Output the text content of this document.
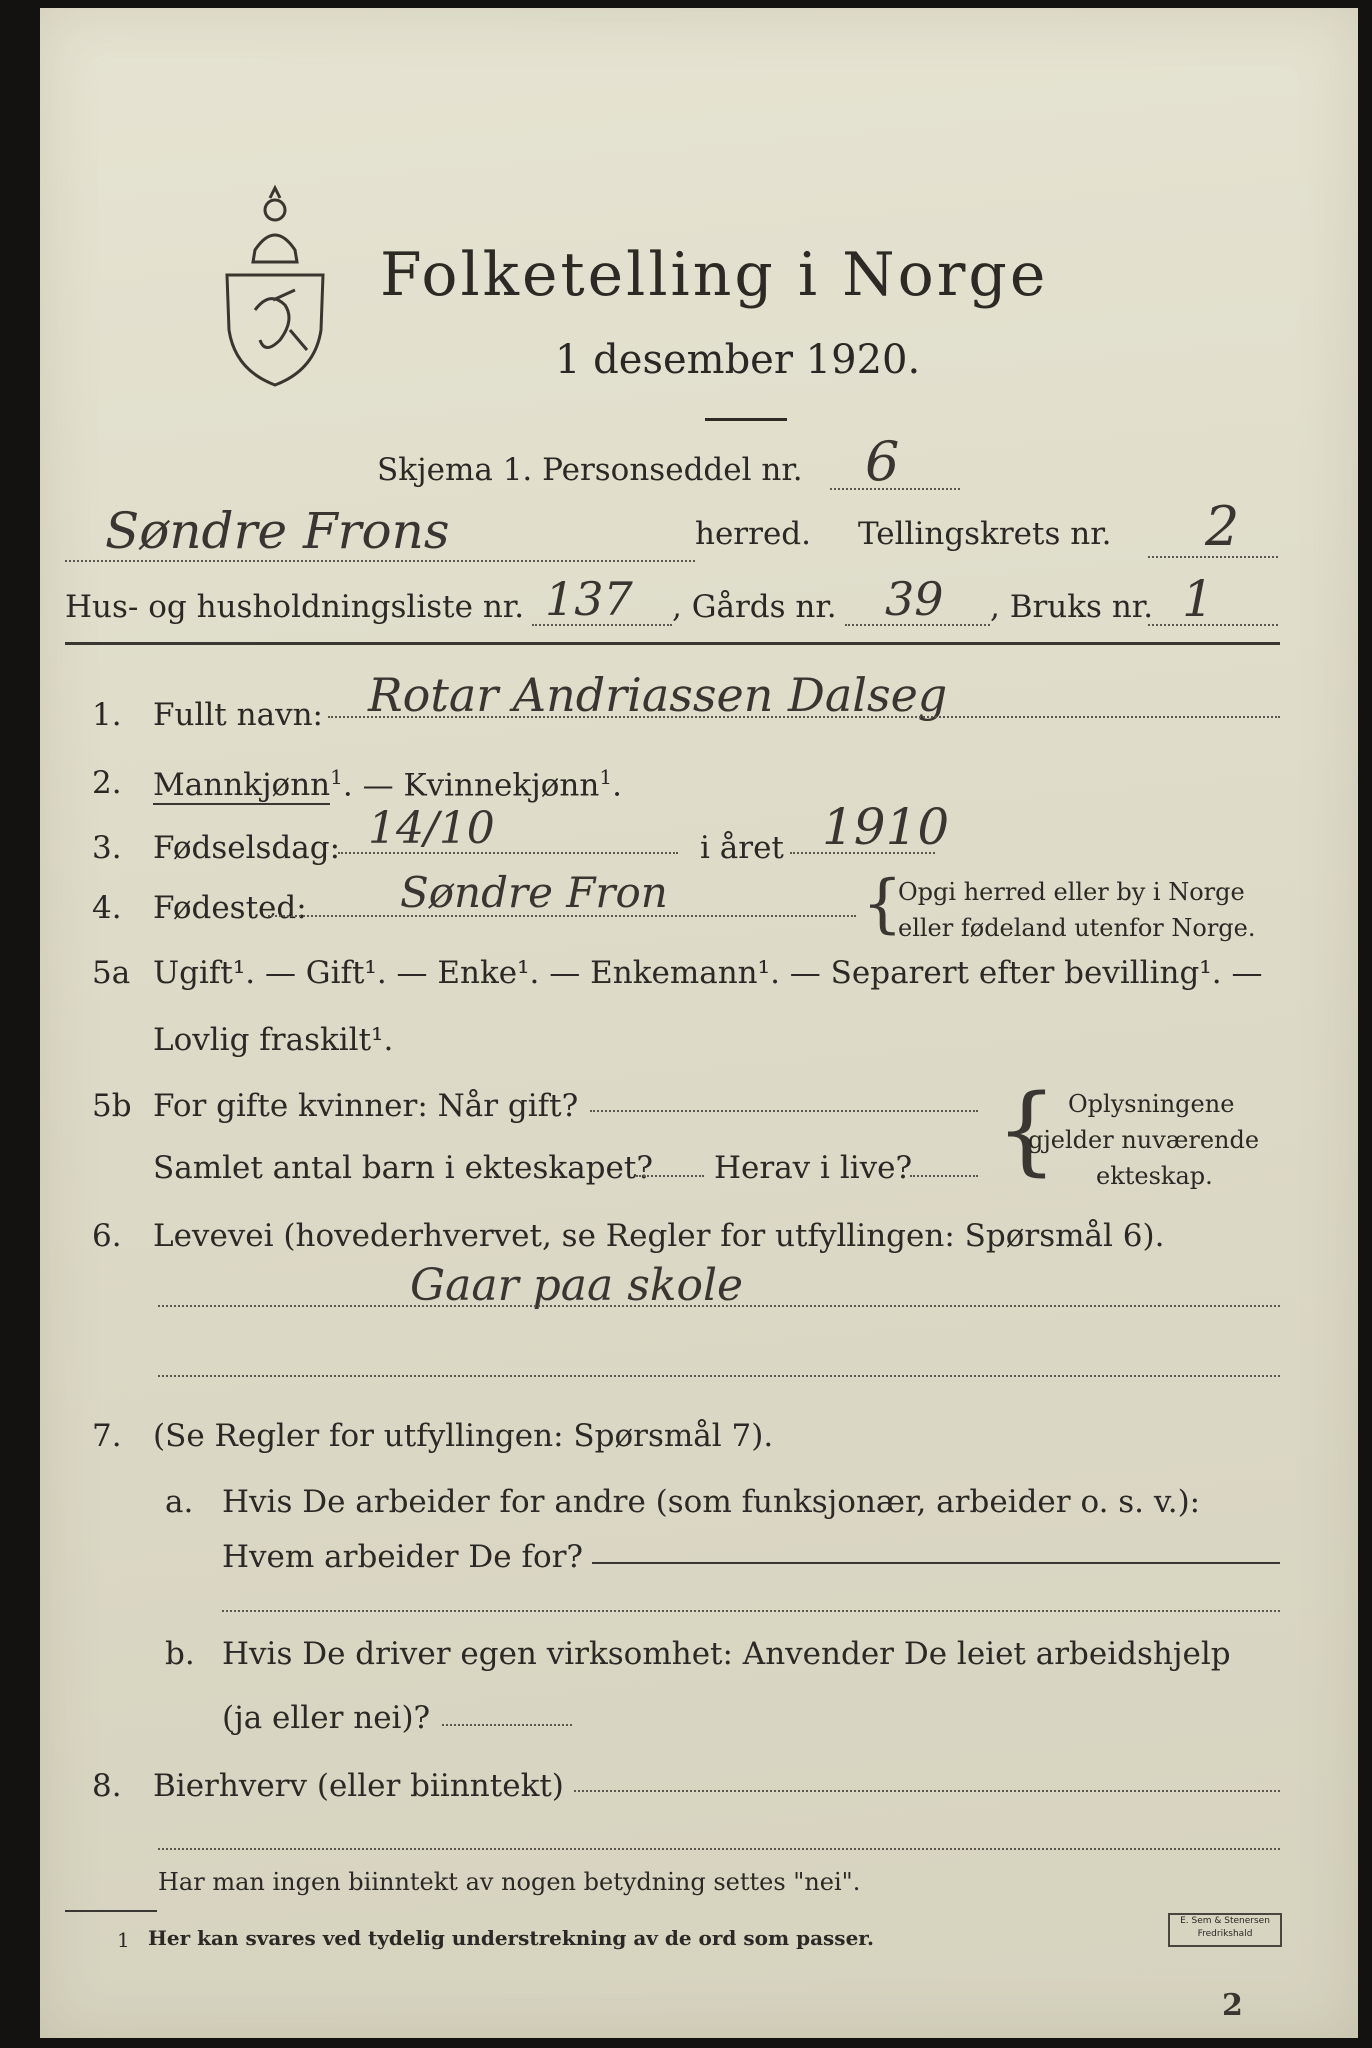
Folketelling i Norge
1 desember 1920.
Skjema 1. Personseddel nr. 6
Søndre Frons	herred. Tellingskrets nr. 2
Hus- og husholdningsliste nr. 137 , Gårds nr. 39 , Bruks nr. 1
1. Fullt navn: Rotar Andriassen Dalseg
2. Mannkjønn$^1$. — Kvinnekjønn$^1$.
3. Fødselsdag: 14/10	i året 1910
4. Fødested: Søndre Fron	{
Opgi herred eller by i Norge
eller fødeland utenfor Norge.
5a Ugift¹. — Gift¹. — Enke¹. — Enkemann¹. — Separert efter bevilling¹. —
Lovlig fraskilt¹.
5b For gifte kvinner: Når gift?
Samlet antal barn i ekteskapet? Herav i live? { Oplysningene
gjelder nuværende
ekteskap.
6. Levevei (hovederhvervet, se Regler for utfyllingen: Spørsmål 6).
Gaar paa skole
7. (Se Regler for utfyllingen: Spørsmål 7).
a. Hvis De arbeider for andre (som funksjonær, arbeider o. s. v.):
Hvem arbeider De for?
b. Hvis De driver egen virksomhet: Anvender De leiet arbeidshjelp
(ja eller nei)?
8. Bierhverv (eller biinntekt)
Har man ingen biinntekt av nogen betydning settes "nei".
1 Her kan svares ved tydelig understrekning av de ord som passer.
E. Sem & Stenersen Fredrikshald
2
